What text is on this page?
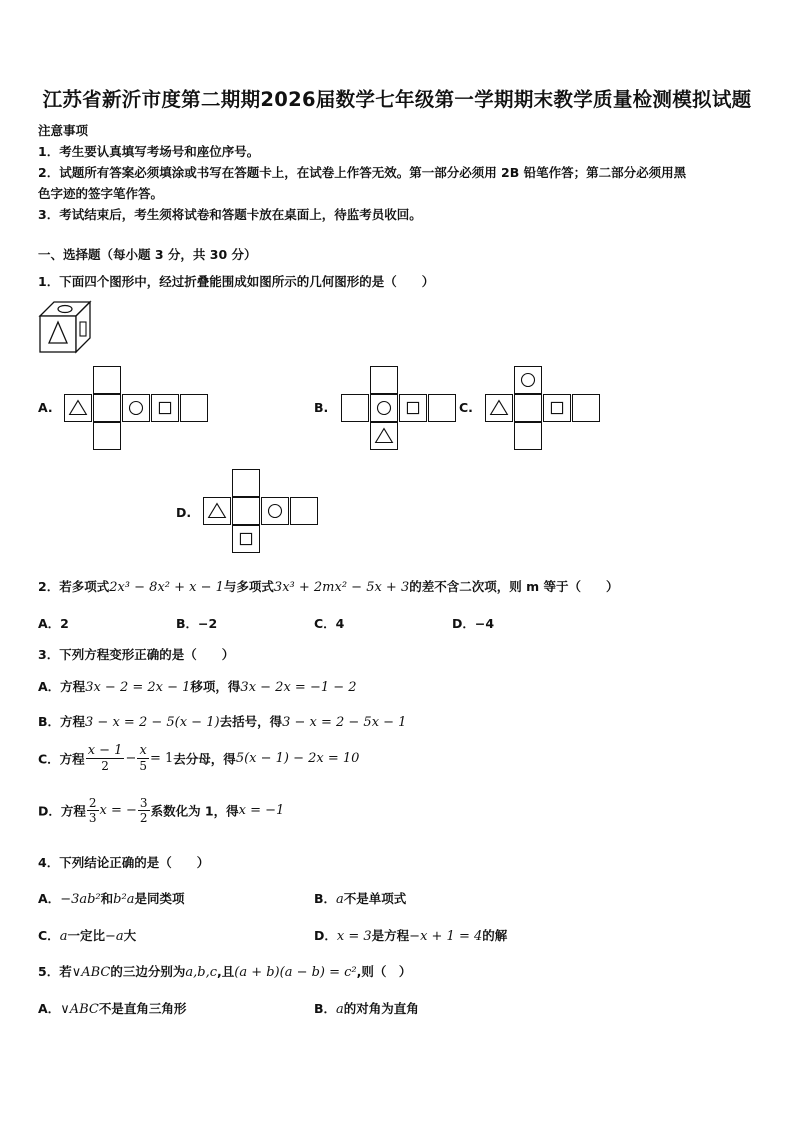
江苏省新沂市度第二期期2026届数学七年级第一学期期末教学质量检测模拟试题
注意事项
1．考生要认真填写考场号和座位序号。
2．试题所有答案必须填涂或书写在答题卡上，在试卷上作答无效。第一部分必须用 2B 铅笔作答；第二部分必须用黑
色字迹的签字笔作答。
3．考试结束后，考生须将试卷和答题卡放在桌面上，待监考员收回。
一、选择题（每小题 3 分，共 30 分）
1．下面四个图形中，经过折叠能围成如图所示的几何图形的是（　　）
A.	B.	C.
D.
2．若多项式2x³ − 8x² + x − 1与多项式3x³ + 2mx² − 5x + 3的差不含二次项，则 m 等于（　　）
A．2	B．−2	C．4	D．−4
3．下列方程变形正确的是（　　）
A．方程3x − 2 = 2x − 1移项，得3x − 2x = −1 − 2
B．方程3 − x = 2 − 5(x − 1)去括号，得3 − x = 2 − 5x − 1
C．方程 $\frac{x - 1}{2} - \frac{x}{5} = 1$去分母，得5(x − 1) − 2x = 10
D．方程 $\frac{2}{3}$ x = − $\frac{3}{2}$ 系数化为 1，得x = −1
4．下列结论正确的是（　　）
A．−3ab²和b²a是同类项	B．a不是单项式
C．a一定比−a大	D．x = 3是方程−x + 1 = 4的解
5．若∨ABC的三边分别为a,b,c,且(a + b)(a − b) = c²,则（　）
A．∨ABC不是直角三角形	B．a的对角为直角
